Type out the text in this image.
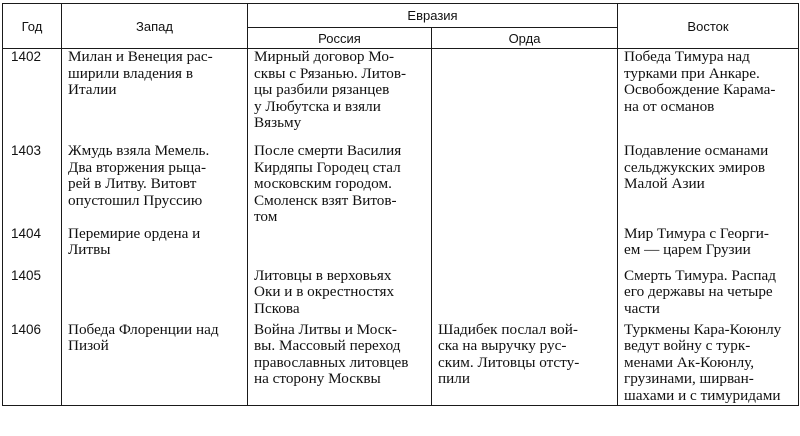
Год	Запад	Евразия		Восток
		Россия	Орда	

1402	Милан и Венеция рас-
ширили владения в
Италии	Мирный договор Мо-
сквы с Рязанью. Литов-
цы разбили рязанцев
у Любутска и взяли
Вязьму		Победа Тимура над
турками при Анкаре.
Освобождение Карама-
на от османов

1403	Жмудь взяла Мемель.
Два вторжения рыца-
рей в Литву. Витовт
опустошил Пруссию	После смерти Василия
Кирдяпы Городец стал
московским городом.
Смоленск взят Витов-
том		Подавление османами
сельджукских эмиров
Малой Азии

1404	Перемирие ордена и
Литвы			Мир Тимура с Георги-
ем — царем Грузии

1405		Литовцы в верховьях
Оки и в окрестностях
Пскова		Смерть Тимура. Распад
его державы на четыре
части

1406	Победа Флоренции над
Пизой	Война Литвы и Моск-
вы. Массовый переход
православных литовцев
на сторону Москвы	Шадибек послал вой-
ска на выручку рус-
ским. Литовцы отсту-
пили	Туркмены Кара-Коюнлу
ведут войну с турк-
менами Ак-Коюнлу,
грузинами, ширван-
шахами и с тимуридами
